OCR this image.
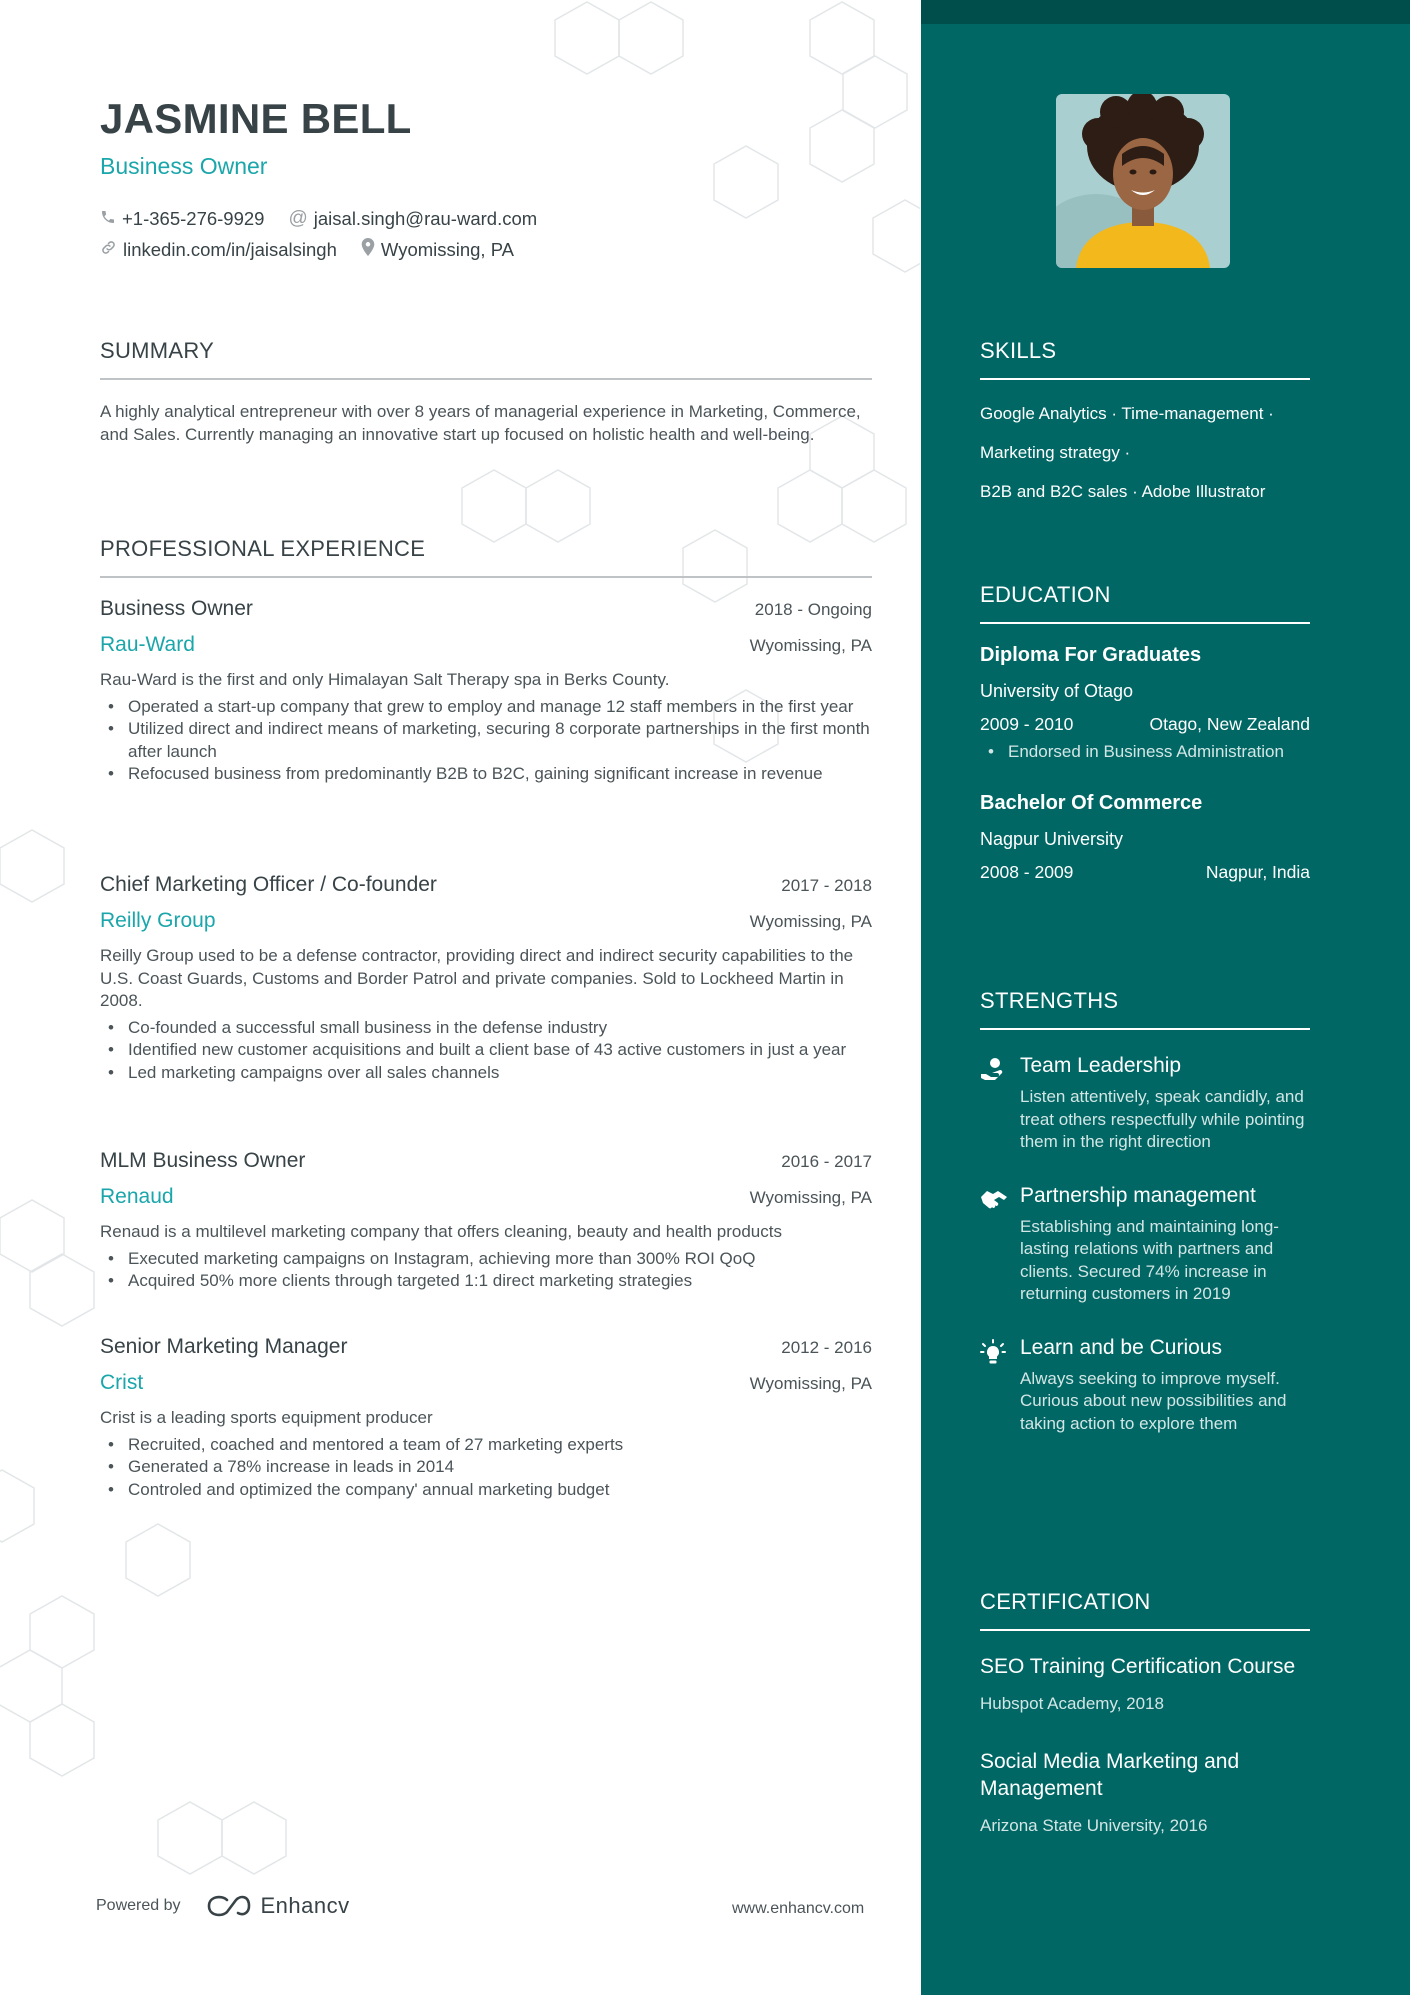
JASMINE BELL
Business Owner
+1-365-276-9929 @ jaisal.singh@rau-ward.com
linkedin.com/in/jaisalsingh Wyomissing, PA
SUMMARY

A highly analytical entrepreneur with over 8 years of managerial experience in Marketing, Commerce, and Sales. Currently managing an innovative start up focused on holistic health and well-being.

PROFESSIONAL EXPERIENCE
Business Owner	2018 - Ongoing
Rau-Ward	Wyomissing, PA
Rau-Ward is the first and only Himalayan Salt Therapy spa in Berks County.
• Operated a start-up company that grew to employ and manage 12 staff members in the first year
• Utilized direct and indirect means of marketing, securing 8 corporate partnerships in the first month after launch
• Refocused business from predominantly B2B to B2C, gaining significant increase in revenue
Chief Marketing Officer / Co-founder	2017 - 2018
Reilly Group	Wyomissing, PA
Reilly Group used to be a defense contractor, providing direct and indirect security capabilities to the U.S. Coast Guards, Customs and Border Patrol and private companies. Sold to Lockheed Martin in 2008.
• Co-founded a successful small business in the defense industry
• Identified new customer acquisitions and built a client base of 43 active customers in just a year
• Led marketing campaigns over all sales channels
MLM Business Owner	2016 - 2017
Renaud	Wyomissing, PA
Renaud is a multilevel marketing company that offers cleaning, beauty and health products
• Executed marketing campaigns on Instagram, achieving more than 300% ROI QoQ
• Acquired 50% more clients through targeted 1:1 direct marketing strategies
Senior Marketing Manager	2012 - 2016
Crist	Wyomissing, PA
Crist is a leading sports equipment producer
• Recruited, coached and mentored a team of 27 marketing experts
• Generated a 78% increase in leads in 2014
• Controled and optimized the company' annual marketing budget
Powered by	Enhancv	www.enhancv.com
SKILLS
Google Analytics · Time-management ·
Marketing strategy ·
B2B and B2C sales · Adobe Illustrator
EDUCATION
Diploma For Graduates
University of Otago
2009 - 2010	Otago, New Zealand
• Endorsed in Business Administration
Bachelor Of Commerce
Nagpur University
2008 - 2009	Nagpur, India
STRENGTHS
Team Leadership
Listen attentively, speak candidly, and treat others respectfully while pointing them in the right direction
Partnership management
Establishing and maintaining long-lasting relations with partners and clients. Secured 74% increase in returning customers in 2019
Learn and be Curious
Always seeking to improve myself. Curious about new possibilities and taking action to explore them
CERTIFICATION
SEO Training Certification Course
Hubspot Academy, 2018
Social Media Marketing and Management
Arizona State University, 2016
